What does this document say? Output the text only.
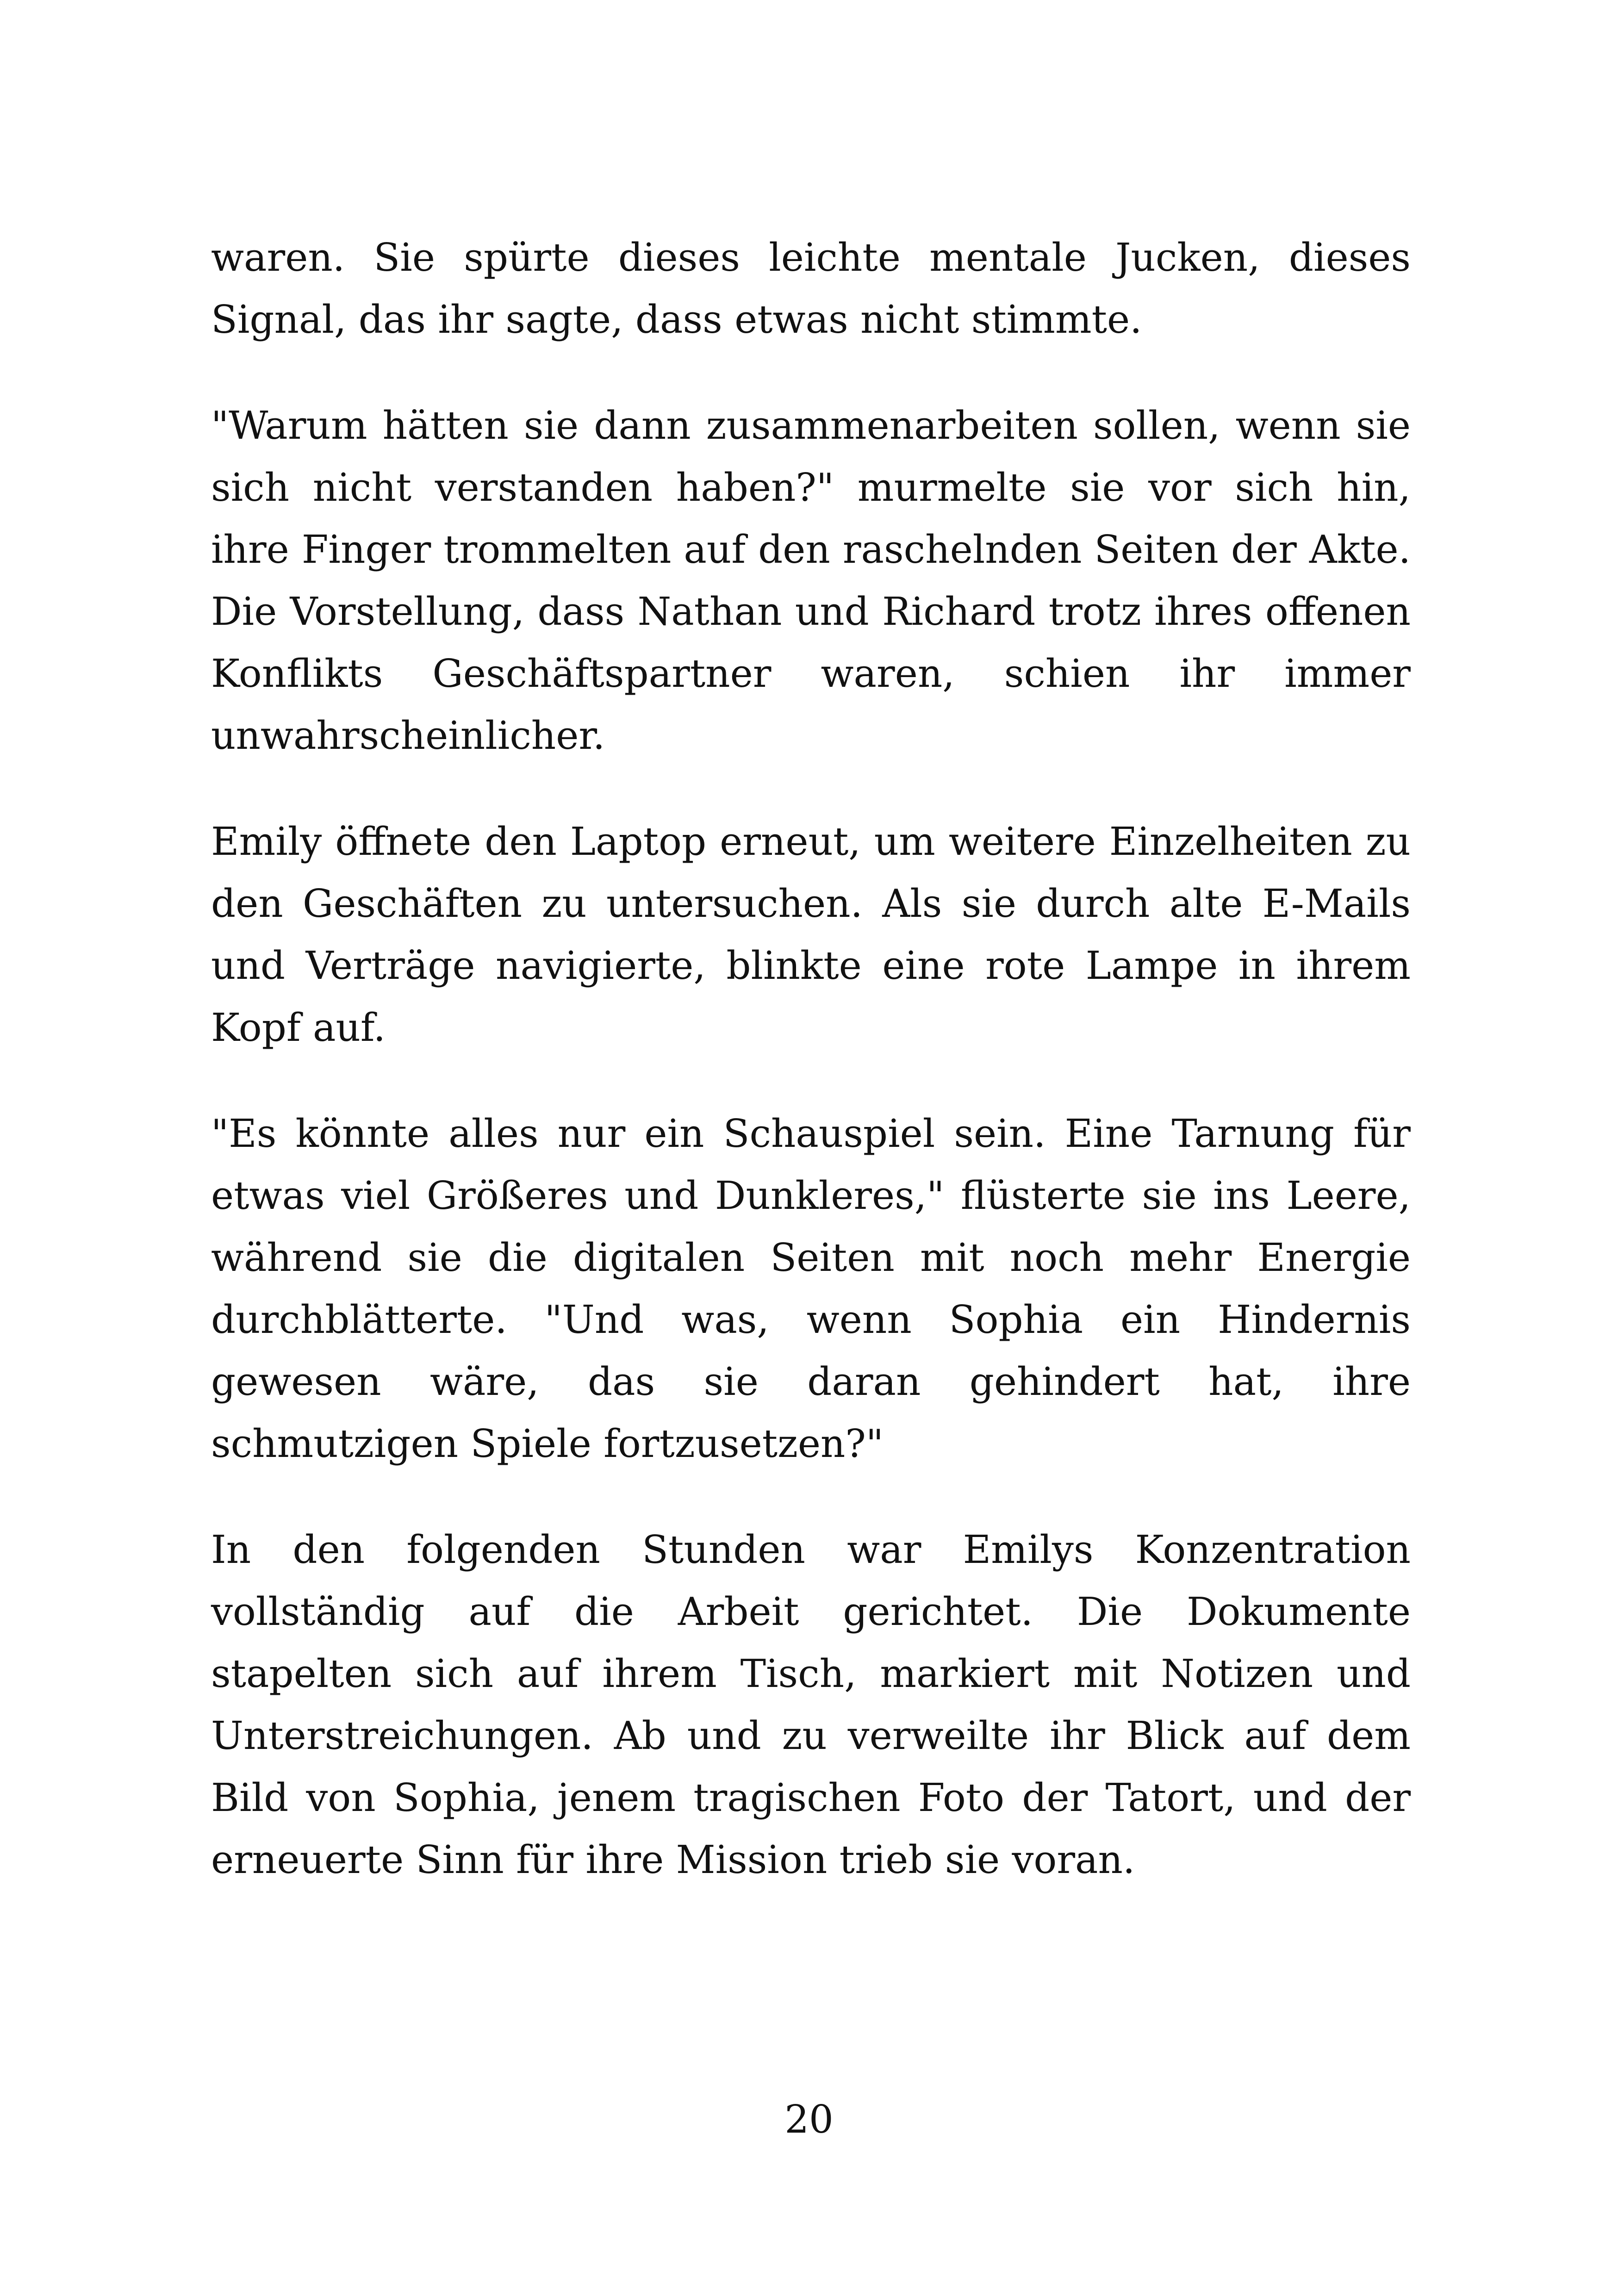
waren. Sie spürte dieses leichte mentale Jucken, dieses Signal, das ihr sagte, dass etwas nicht stimmte.

"Warum hätten sie dann zusammenarbeiten sollen, wenn sie sich nicht verstanden haben?" murmelte sie vor sich hin, ihre Finger trommelten auf den raschelnden Seiten der Akte. Die Vorstellung, dass Nathan und Richard trotz ihres offenen Konflikts Geschäftspartner waren, schien ihr immer unwahrscheinlicher.

Emily öffnete den Laptop erneut, um weitere Einzelheiten zu den Geschäften zu untersuchen. Als sie durch alte E-Mails und Verträge navigierte, blinkte eine rote Lampe in ihrem Kopf auf.

"Es könnte alles nur ein Schauspiel sein. Eine Tarnung für etwas viel Größeres und Dunkleres," flüsterte sie ins Leere, während sie die digitalen Seiten mit noch mehr Energie durchblätterte. "Und was, wenn Sophia ein Hindernis gewesen wäre, das sie daran gehindert hat, ihre schmutzigen Spiele fortzusetzen?"

In den folgenden Stunden war Emilys Konzentration vollständig auf die Arbeit gerichtet. Die Dokumente stapelten sich auf ihrem Tisch, markiert mit Notizen und Unterstreichungen. Ab und zu verweilte ihr Blick auf dem Bild von Sophia, jenem tragischen Foto der Tatort, und der erneuerte Sinn für ihre Mission trieb sie voran.

20
